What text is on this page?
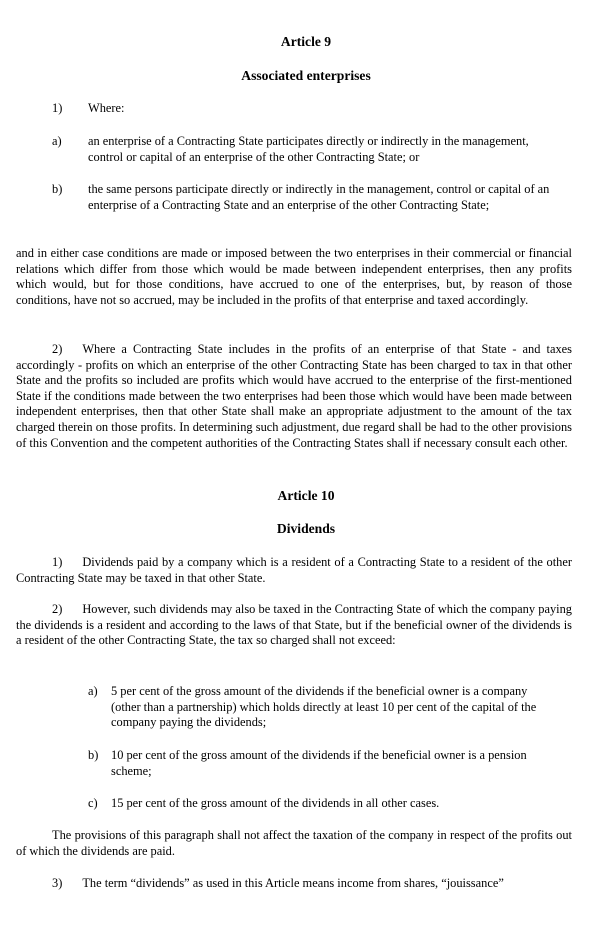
Article 9
Associated enterprises
1) Where:
a) an enterprise of a Contracting State participates directly or indirectly in the management, control or capital of an enterprise of the other Contracting State; or
b) the same persons participate directly or indirectly in the management, control or capital of an enterprise of a Contracting State and an enterprise of the other Contracting State;
and in either case conditions are made or imposed between the two enterprises in their commercial or financial relations which differ from those which would be made between independent enterprises, then any profits which would, but for those conditions, have accrued to one of the enterprises, but, by reason of those conditions, have not so accrued, may be included in the profits of that enterprise and taxed accordingly.
2) Where a Contracting State includes in the profits of an enterprise of that State - and taxes accordingly - profits on which an enterprise of the other Contracting State has been charged to tax in that other State and the profits so included are profits which would have accrued to the enterprise of the first-mentioned State if the conditions made between the two enterprises had been those which would have been made between independent enterprises, then that other State shall make an appropriate adjustment to the amount of the tax charged therein on those profits. In determining such adjustment, due regard shall be had to the other provisions of this Convention and the competent authorities of the Contracting States shall if necessary consult each other.
Article 10
Dividends
1) Dividends paid by a company which is a resident of a Contracting State to a resident of the other Contracting State may be taxed in that other State.
2) However, such dividends may also be taxed in the Contracting State of which the company paying the dividends is a resident and according to the laws of that State, but if the beneficial owner of the dividends is a resident of the other Contracting State, the tax so charged shall not exceed:
a) 5 per cent of the gross amount of the dividends if the beneficial owner is a company (other than a partnership) which holds directly at least 10 per cent of the capital of the company paying the dividends;
b) 10 per cent of the gross amount of the dividends if the beneficial owner is a pension scheme;
c) 15 per cent of the gross amount of the dividends in all other cases.
The provisions of this paragraph shall not affect the taxation of the company in respect of the profits out of which the dividends are paid.
3) The term “dividends” as used in this Article means income from shares, “jouissance”
